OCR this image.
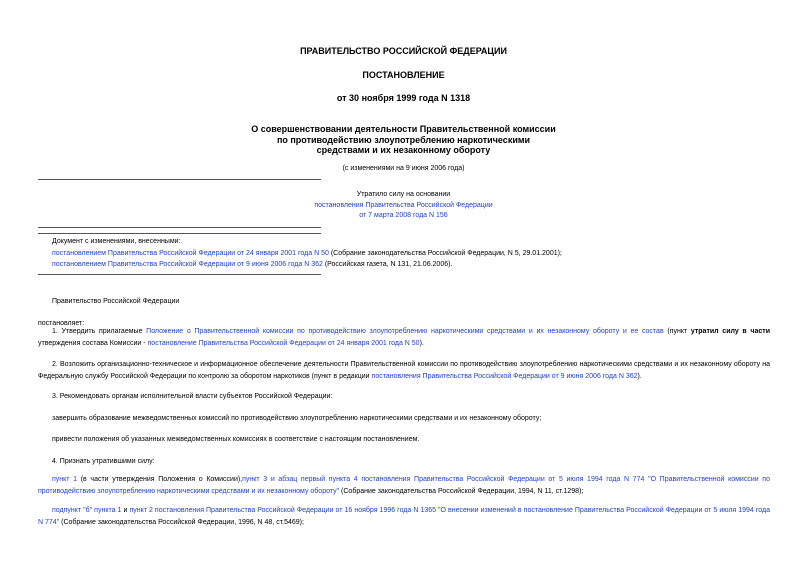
ПРАВИТЕЛЬСТВО РОССИЙСКОЙ ФЕДЕРАЦИИ
ПОСТАНОВЛЕНИЕ
от 30 ноября 1999 года N 1318
О совершенствовании деятельности Правительственной комиссии
по противодействию злоупотреблению наркотическими
средствами и их незаконному обороту
(с изменениями на 9 июня 2006 года)
Утратило силу на основании
постановления Правительства Российской Федерации
от 7 марта 2008 года N 156
Документ с изменениями, внесенными:
постановлением Правительства Российской Федерации от 24 января 2001 года N 50 (Собрание законодательства Российской Федерации, N 5, 29.01.2001);
постановлением Правительства Российской Федерации от 9 июня 2006 года N 362 (Российская газета, N 131, 21.06.2006).
Правительство Российской Федерации
постановляет:
1. Утвердить прилагаемые Положение о Правительственной комиссии по противодействию злоупотреблению наркотическими средствами и их незаконному обороту и ее состав (пункт утратил силу в части утверждения состава Комиссии - постановление Правительства Российской Федерации от 24 января 2001 года N 50).
2. Возложить организационно-техническое и информационное обеспечение деятельности Правительственной комиссии по противодействию злоупотреблению наркотическими средствами и их незаконному обороту на Федеральную службу Российской Федерации по контролю за оборотом наркотиков (пункт в редакции постановления Правительства Российской Федерации от 9 июня 2006 года N 362).
3. Рекомендовать органам исполнительной власти субъектов Российской Федерации:
завершить образование межведомственных комиссий по противодействию злоупотреблению наркотическими средствами и их незаконному обороту;
привести положения об указанных межведомственных комиссиях в соответствие с настоящим постановлением.
4. Признать утратившими силу:
пункт 1 (в части утверждения Положения о Комиссии),пункт 3 и абзац первый пункта 4 постановления Правительства Российской Федерации от 5 июля 1994 года N 774 "О Правительственной комиссии по противодействию злоупотреблению наркотическими средствами и их незаконному обороту" (Собрание законодательства Российской Федерации, 1994, N 11, ст.1298);
подпункт "б" пункта 1 и пункт 2 постановления Правительства Российской Федерации от 16 ноября 1996 года N 1365 "О внесении изменений в постановление Правительства Российской Федерации от 5 июля 1994 года N 774" (Собрание законодательства Российской Федерации, 1996, N 48, ст.5469);
